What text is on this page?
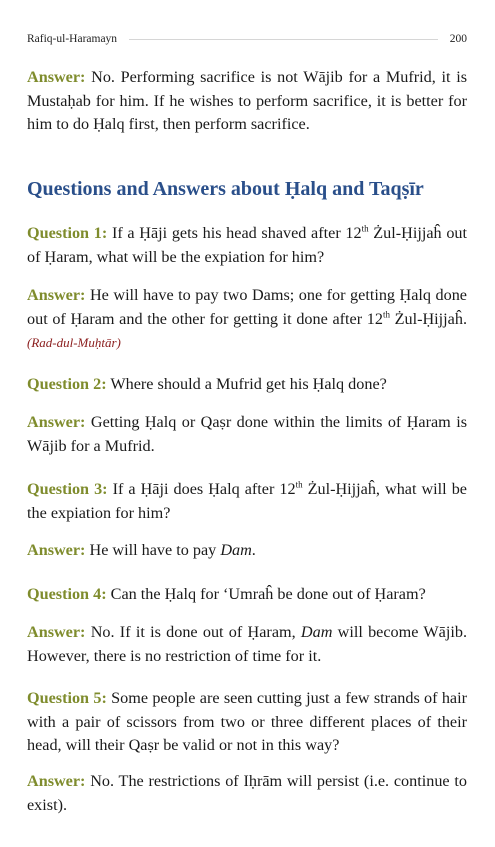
Rafiq-ul-Haramayn	200

Answer: No. Performing sacrifice is not Wājib for a Mufrid, it is Mustaḥab for him. If he wishes to perform sacrifice, it is better for him to do Ḥalq first, then perform sacrifice.

Questions and Answers about Ḥalq and Taqṣīr

Question 1: If a Ḥāji gets his head shaved after 12th Żul-Ḥijjaĥ out of Ḥaram, what will be the expiation for him?

Answer: He will have to pay two Dams; one for getting Ḥalq done out of Ḥaram and the other for getting it done after 12th Żul-Ḥijjaĥ. (Rad-dul-Muḥtār)

Question 2: Where should a Mufrid get his Ḥalq done?

Answer: Getting Ḥalq or Qaṣr done within the limits of Ḥaram is Wājib for a Mufrid.

Question 3: If a Ḥāji does Ḥalq after 12th Żul-Ḥijjaĥ, what will be the expiation for him?

Answer: He will have to pay Dam.

Question 4: Can the Ḥalq for ‘Umraĥ be done out of Ḥaram?

Answer: No. If it is done out of Ḥaram, Dam will become Wājib. However, there is no restriction of time for it.

Question 5: Some people are seen cutting just a few strands of hair with a pair of scissors from two or three different places of their head, will their Qaṣr be valid or not in this way?

Answer: No. The restrictions of Iḥrām will persist (i.e. continue to exist).
